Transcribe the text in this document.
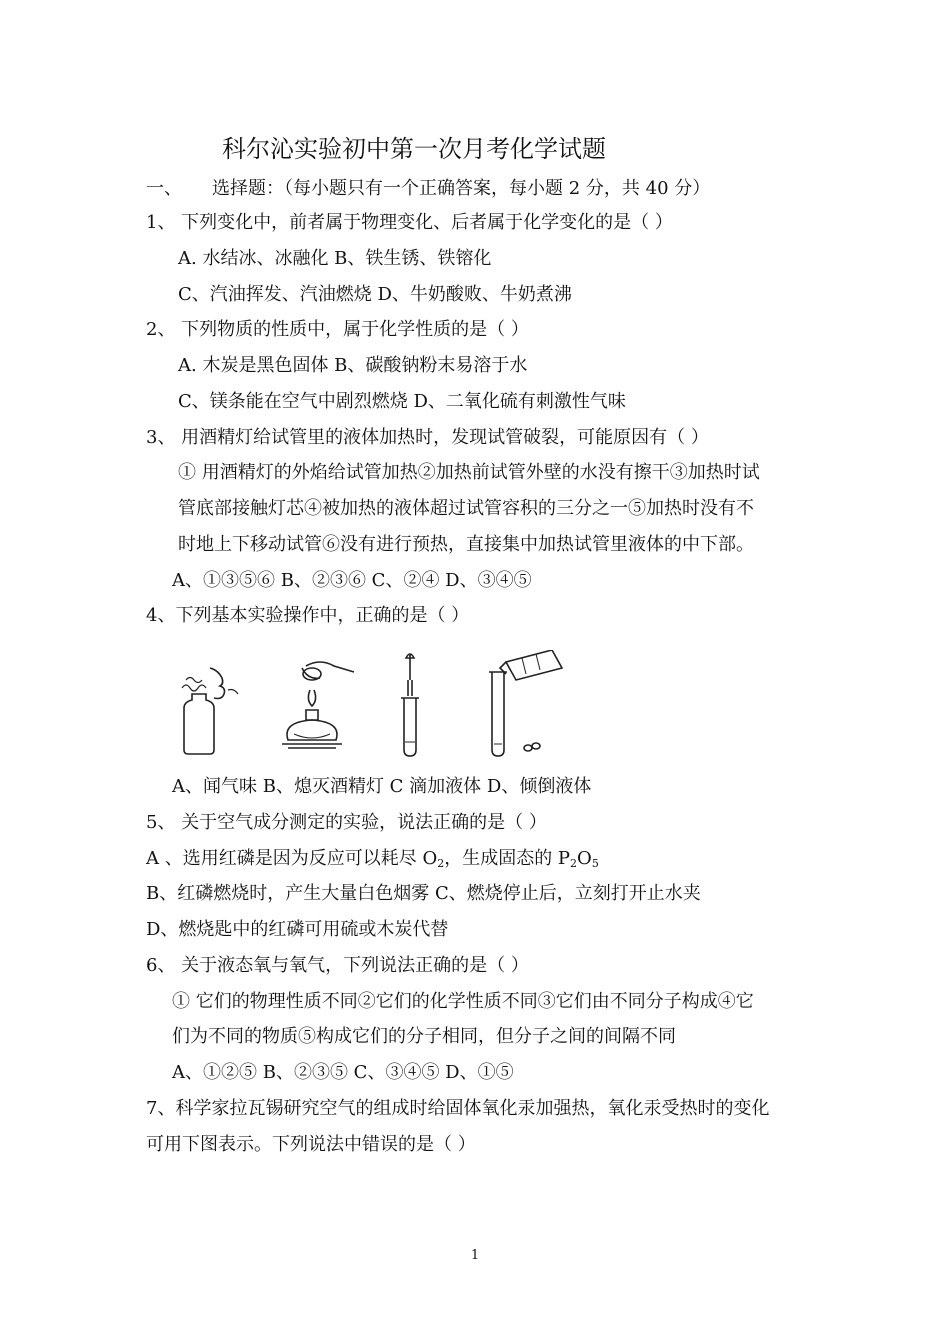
科尔沁实验初中第一次月考化学试题
一、 选择题：（每小题只有一个正确答案，每小题 2 分，共 40 分）
1、 下列变化中，前者属于物理变化、后者属于化学变化的是（ ）
A. 水结冰、冰融化 B、铁生锈、铁镕化
C、汽油挥发、汽油燃烧 D、牛奶酸败、牛奶煮沸
2、 下列物质的性质中，属于化学性质的是（ ）
A. 木炭是黑色固体 B、碳酸钠粉末易溶于水
C、镁条能在空气中剧烈燃烧 D、二氧化硫有刺激性气味
3、 用酒精灯给试管里的液体加热时，发现试管破裂，可能原因有（ ）
① 用酒精灯的外焰给试管加热②加热前试管外壁的水没有擦干③加热时试
管底部接触灯芯④被加热的液体超过试管容积的三分之一⑤加热时没有不
时地上下移动试管⑥没有进行预热，直接集中加热试管里液体的中下部。
A、①③⑤⑥ B、②③⑥ C、②④ D、③④⑤
4、下列基本实验操作中，正确的是（ ）
A、闻气味 B、熄灭酒精灯 C 滴加液体 D、倾倒液体
5、 关于空气成分测定的实验，说法正确的是（ ）
A 、选用红磷是因为反应可以耗尽 $O_2$，生成固态的 $P_2O_5$
B、红磷燃烧时，产生大量白色烟雾 C、燃烧停止后，立刻打开止水夹
D、燃烧匙中的红磷可用硫或木炭代替
6、 关于液态氧与氧气，下列说法正确的是（ ）
① 它们的物理性质不同②它们的化学性质不同③它们由不同分子构成④它
们为不同的物质⑤构成它们的分子相同，但分子之间的间隔不同
A、①②⑤ B、②③⑤ C、③④⑤ D、①⑤
7、科学家拉瓦锡研究空气的组成时给固体氧化汞加强热，氧化汞受热时的变化
可用下图表示。下列说法中错误的是（ ）
1
